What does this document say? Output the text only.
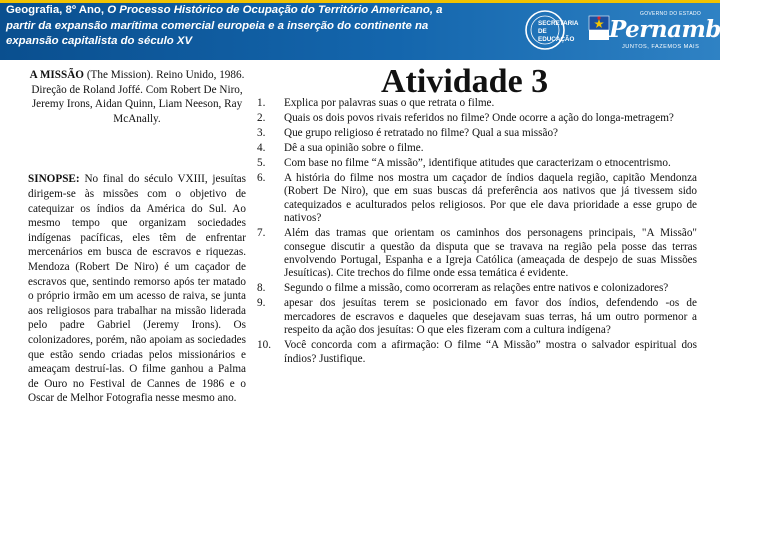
Geografia, 8º Ano, O Processo Histórico de Ocupação do Território Americano, a partir da expansão marítima comercial europeia e a inserção do continente na expansão capitalista do século XV
SECRETARIA DE EDUCAÇÃO
GOVERNO DO ESTADO
Pernambuco
JUNTOS, FAZEMOS MAIS

A MISSÃO (The Mission). Reino Unido, 1986. Direção de Roland Joffé. Com Robert De Niro, Jeremy Irons, Aidan Quinn, Liam Neeson, Ray McAnally.

SINOPSE: No final do século VXIII, jesuítas dirigem-se às missões com o objetivo de catequizar os índios da América do Sul. Ao mesmo tempo que organizam sociedades indígenas pacíficas, eles têm de enfrentar mercenários em busca de escravos e riquezas. Mendoza (Robert De Niro) é um caçador de escravos que, sentindo remorso após ter matado o próprio irmão em um acesso de raiva, se junta aos religiosos para trabalhar na missão liderada pelo padre Gabriel (Jeremy Irons). Os colonizadores, porém, não apoiam as sociedades que estão sendo criadas pelos missionários e ameaçam destruí-las. O filme ganhou a Palma de Ouro no Festival de Cannes de 1986 e o Oscar de Melhor Fotografia nesse mesmo ano.

Atividade 3
1.	Explica por palavras suas o que retrata o filme.
2.	Quais os dois povos rivais referidos no filme? Onde ocorre a ação do longa-metragem?
3.	Que grupo religioso é retratado no filme? Qual a sua missão?
4.	Dê a sua opinião sobre o filme.
5.	Com base no filme “A missão”, identifique atitudes que caracterizam o etnocentrismo.
6.	A história do filme nos mostra um caçador de índios daquela região, capitão Mendonza (Robert De Niro), que em suas buscas dá preferência aos nativos que já tivessem sido catequizados e aculturados pelos religiosos. Por que ele dava prioridade a esse grupo de nativos?
7.	Além das tramas que orientam os caminhos dos personagens principais, "A Missão" consegue discutir a questão da disputa que se travava na região pela posse das terras envolvendo Portugal, Espanha e a Igreja Católica (ameaçada de despejo de suas Missões Jesuíticas). Cite trechos do filme onde essa temática é evidente.
8.	Segundo o filme a missão, como ocorreram as relações entre nativos e colonizadores?
9.	apesar dos jesuítas terem se posicionado em favor dos índios, defendendo -os de mercadores de escravos e daqueles que desejavam suas terras, há um outro pormenor a respeito da ação dos jesuítas: O que eles fizeram com a cultura indígena?
10.	Você concorda com a afirmação: O filme “A Missão” mostra o salvador espiritual dos índios? Justifique.
